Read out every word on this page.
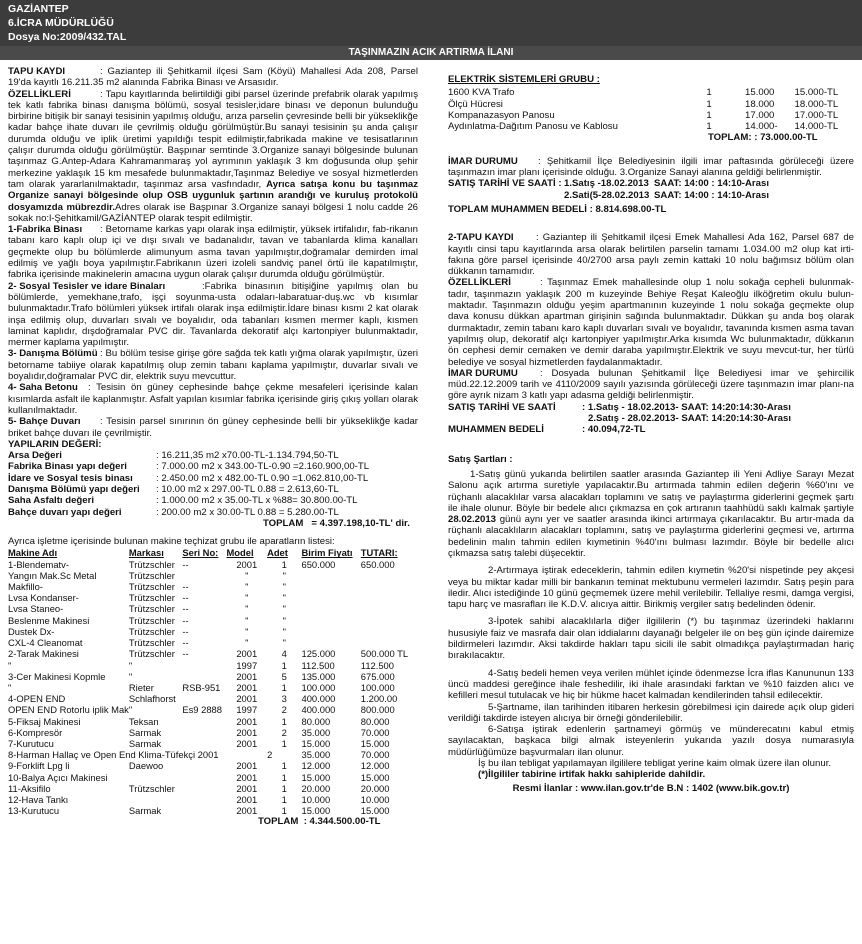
GAZİANTEP
6.İCRA MÜDÜRLÜĞÜ
Dosya No:2009/432.TAL
TAŞINMAZIN ACIK ARTIRMA İLANI

TAPU KAYDI	: Gaziantep ili Şehitkamil ilçesi Sam (Köyü) Mahallesi Ada 208, Parsel 19'da kayıtlı 16.211.35 m2 alanında Fabrika Binası ve Arsasıdır.

ÖZELLİKLERİ	: Tapu kayıtlarında belirtildiği gibi parsel üzerinde prefabrik olarak yapılmış tek katlı fabrika binası danışma bölümü, sosyal tesisler,idare binası ve deponun bulunduğu birbirine bitişik bir sanayi tesisinin yapılmış olduğu, arıza parselin çevresinde belli bir yükseklikğe kadar bahçe ihate duvarı ile çevrilmiş olduğu görülmüştür.Bu sanayi tesisinin şu anda çalışır durumda olduğu ve iplik üretimi yapıldığı tespit edilmiştir,fabrikada makine ve tesisatlarının çalışır durumda olduğu görülmüştür. Başpınar semtinde 3.Organize sanayi bölgesinde bulunan taşınmaz G.Antep-Adara Kahramanmaraş yol ayrımının yaklaşık 3 km doğusunda olup şehir merkezine yaklaşık 15 km mesafede bulunmaktadır,Taşınmaz Belediye ve sosyal hizmetlerden tam olarak yararlanılmaktadır, taşınmaz arsa vasfındadır, Ayrıca satışa konu bu taşınmaz Organize sanayi bölgesinde olup OSB uygunluk şartının arandığı ve kuruluş protokolü dosyamızda mübrezdir.Adres olarak ise Başpınar 3.Organize sanayi bölgesi 1 nolu cadde 26 sokak no:l-Şehitkamil/GAZİANTEP olarak tespit edilmiştir.

1-Fabrika Binası : Betorname karkas yapı olarak inşa edilmiştir, yüksek irtifalıdır, fab-rikanın tabanı karo kaplı olup içi ve dışı sıvalı ve badanalıdır, tavan ve tabanlarda klima kanalları geçmekte olup bu bölümlerde alimunyum asma tavan yapılmıştır,doğramalar demirden imal edilmiş ve yağlı boya yapılmıştır.Fabrikanın üzeri izoleli sandviç panel örtü ile kapatılmıştır, fabrika içerisinde makinelerin amacına uygun olarak çalışır durumda olduğu görülmüştür.

2- Sosyal Tesisler ve idare Binaları	:Fabrika binasının bitişiğine yapılmış olan bu bölümlerde, yemekhane,trafo, işçi soyunma-usta odaları-labaratuar-duş.wc vb kısımlar bulunmaktadır.Trafo bölümleri yüksek irtifalı olarak inşa edilmiştir.İdare binası kısmı 2 kat olarak inşa edilmiş olup, duvarları sıvalı ve boyalıdır, oda tabanları kısmen mermer kaplı, kısmen laminat kaplıdır, dışdoğramalar PVC dir. Tavanlarda dekoratif alçı kartonpiyer bulunmaktadır, mermer kaplama yapılmıştır.

3- Danışma Bölümü : Bu bölüm tesise girişe göre sağda tek katlı yığma olarak yapılmıştır, üzeri betorname tabiiye olarak kapatılmış olup zemin tabanı kaplama yapılmıştır, duvarlar sıvalı ve boyalıdır,doğramalar PVC dir, elektrik suyu mevcuttur.

4- Saha Betonu : Tesisin ön güney cephesinde bahçe çekme mesafeleri içerisinde kalan kısımlarda asfalt ile kaplanmıştır. Asfalt yapılan kısımlar fabrika içerisinde giriş çıkış yolları olarak kullanılmaktadır.

5- Bahçe Duvarı : Tesisin parsel sınırının ön güney cephesinde belli bir yükseklikğe kadar briket bahçe duvarı ile çevrilmiştir.

YAPILARIN DEĞERİ:
Arsa Değeri	: 16.211,35 m2 x70.00-TL-1.134.794,50-TL
Fabrika Binası yapı değeri	: 7.000.00 m2 x 343.00-TL-0.90 =2.160.900,00-TL
İdare ve Sosyal tesis binası	: 2.450.00 m2 x 482.00-TL 0.90 =1.062.810,00-TL
Danışma Bölümü yapı değeri	: 10.00 m2 x 297.00-TL 0.88 = 2.613,60-TL
Saha Asfaltı değeri	: 1.000.00 m2 x 35.00-TL x %88= 30.800.00-TL
Bahçe duvarı yapı değeri	: 200.00 m2 x 30.00-TL 0.88 = 5.280.00-TL
TOPLAM = 4.397.198,10-TL' dir.	
Ayrıca işletme içerisinde bulunan makine teçhizat grubu ile aparatların listesi:
Makine Adı	Markası	Seri No:	Model	Adet	Birim Fiyatı	TUTARI:
1-Blendematv-	Trützschler	--	2001	1	650.000	650.000
Yangın Mak.Sc Metal	Trützschler		"	"		
Makfillo-	Trützschler	--	"	"		
Lvsa Kondanser-	Trützschler	--	"	"		
Lvsa Staneo-	Trützschler	--	"	"		
Beslenme Makinesi	Trützschler	--	"	"		
Dustek Dx-	Trützschler	--	"	"		
CXL-4 Cleanomat	Trützschler	--	"	"		
2-Tarak Makinesi	Trützschler	--	2001	4	125.000	500.000 TL
"	"		1997	1	112.500	112.500
3-Cer Makinesi Kopmle	"		2001	5	135.000	675.000
"	Rieter	RSB-951	2001	1	100.000	100.000
4-OPEN END	Schlafhorst		2001	3	400.000	1.200.00
OPEN END Rotorlu iplik Mak	"	Es9 2888	1997	2	400.000	800.000
5-Fiksaj Makinesi	Teksan		2001	1	80.000	80.000
6-Kompresör	Sarmak		2001	2	35.000	70.000
7-Kurutucu	Sarmak		2001	1	15.000	15.000
8-Harman Hallaç ve Open End Klima-Tüfekçi 2001				2	35.000	70.000
9-Forklift Lpg li	Daewoo		2001	1	12.000	12.000
10-Balya Açıcı Makinesi			2001	1	15.000	15.000
11-Aksifilo	Trützschler		2001	1	20.000	20.000
12-Hava Tankı			2001	1	10.000	10.000
13-Kurutucu	Sarmak		2001	1	15.000	15.000
TOPLAM : 4.344.500.00-TL
ELEKTRİK SİSTEMLERİ GRUBU :
1600 KVA Trafo	1	15.000	15.000-TL
Ölçü Hücresi	1	18.000	18.000-TL
Kompanazasyon Panosu	1	17.000	17.000-TL
Aydınlatma-Dağıtım Panosu ve Kablosu	1	14.000-	14.000-TL
TOPLAM: : 73.000.00-TL

İMAR DURUMU : Şehitkamil İlçe Belediyesinin ilgili imar paftasında görüleceği üzere taşınmazın imar planı içerisinde olduğu. 3.Organize Sanayi alanına geldiği belirlenmiştir.

SATIŞ TARİHİ VE SAATİ :	1.Satış -18.02.2013	SAAT: 14:00 : 14:10-Arası
	2.Sati(5-28.02.2013	SAAT: 14:00 : 14:10-Arası
TOPLAM MUHAMMEN BEDELİ : 8.814.698.00-TL

2-TAPU KAYDI : Gaziantep ili Şehitkamil ilçesi Emek Mahallesi Ada 162, Parsel 687 de kayıtlı cinsi tapu kayıtlarında arsa olarak belirtilen parselin tamamı 1.034.00 m2 olup kat irti-fakına göre parsel içerisinde 40/2700 arsa paylı zemin kattaki 10 nolu bağımsız bölüm olan dükkanın tamamıdır.

ÖZELLİKLERİ	: Taşınmaz Emek mahallesinde olup 1 nolu sokağa cepheli bulunmak-tadır, taşınmazın yaklaşık 200 m kuzeyinde Behiye Reşat Kaleoğlu ilköğretim okulu bulun-maktadır. Taşınmazın olduğu yeşim apartmanının kuzeyinde 1 nolu sokağa geçmekte olup dava konusu dükkan apartman girişinin sağında bulunmaktadır. Dükkan şu anda boş olarak durmaktadır, zemin tabanı karo kaplı duvarları sıvalı ve boyalıdır, tavanında kısmen asma tavan yapılmış olup, dekoratif alçı kartonpiyer yapılmıştır.Arka kısımda Wc bulunmaktadır, dükkanın ön cephesi demir cemaken ve demir daraba yapılmıştır.Elektrik ve suyu mevcut-tur, her türlü belediye ve sosyal hizmetlerden faydalanmaktadır.

İMAR DURUMU : Dosyada bulunan Şehitkamil İlçe Belediyesi imar ve şehircilik müd.22.12.2009 tarih ve 4110/2009 sayılı yazısında görüleceği üzere taşınmazın imar planı-na göre ayrık nizam 3 katlı yapı adasma geldiği belirlenmiştir.

SATIŞ TARİHİ VE SAATİ	: 1.Satış - 18.02.2013- SAAT: 14:20:14:30-Arası
	2.Satış - 28.02.2013- SAAT: 14:20:14:30-Arası
MUHAMMEN BEDELİ	: 40.094,72-TL
Satış Şartları :

1-Satış günü yukarıda belirtilen saatler arasında Gaziantep ili Yeni Adliye Sarayı Mezat Salonu açık artırma suretiyle yapılacaktır.Bu artırmada tahmin edilen değerin %60'ını ve rüçhanlı alacaklılar varsa alacakları toplamını ve satış ve paylaştırma giderlerini geçmek şartı ile ihale olunur. Böyle bir bedele alıcı çıkmazsa en çok artıranın taahhüdü saklı kalmak şartiyle 28.02.2013 günü aynı yer ve saatler arasında ikinci artırmaya çıkarılacaktır. Bu artır-mada da rüçhanlı alacaklıların alacakları toplamını, satış ve paylaştırma giderlerini geçmesi ve, artırma bedelinin malın tahmin edilen kıymetinin %40'ını bulması lazımdır. Böyle bir bedelle alıcı çıkmazsa satış talebi düşecektir.

2-Artırmaya iştirak edeceklerin, tahmin edilen kıymetin %20'si nispetinde pey akçesi veya bu miktar kadar milli bir bankanın teminat mektubunu vermeleri lazımdır. Satış peşin para iledir. Alıcı istediğinde 10 günü geçmemek üzere mehil verilebilir. Tellaliye resmi, damga vergisi, tapu harç ve masrafları ile K.D.V. alıcıya aittir. Birikmiş vergiler satış bedelinden ödenir.

3-İpotek sahibi alacaklılarla diğer ilgililerin (*) bu taşınmaz üzerindeki haklarını hususiyle faiz ve masrafa dair olan iddialarını dayanağı belgeler ile on beş gün içinde dairemize bildirmeleri lazımdır. Aksi takdirde hakları tapu sicili ile sabit olmadıkça paylaştırmadan hariç bırakılacaktır.

4-Satış bedeli hemen veya verilen mühlet içinde ödenmezse İcra iflas Kanununun 133 üncü maddesi gereğince ihale feshedilir, iki ihale arasındaki farktan ve %10 faizden alıcı ve kefilleri mesul tutulacak ve hiç bir hükme hacet kalmadan kendilerinden tahsil edilecektir.

5-Şartname, ilan tarihinden itibaren herkesin görebilmesi için dairede açık olup gideri verildiği takdirde isteyen alıcıya bir örneği gönderilebilir.

6-Satışa iştirak edenlerin şartnameyi görmüş ve münderecatını kabul etmiş sayılacaktan, başkaca bilgi almak isteyenlerin yukarıda yazılı dosya numarasıyla müdürlüğümüze başvurmaları ilan olunur.

İş bu ilan tebligat yapılamayan ilgililere tebligat yerine kaim olmak üzere ilan olunur.

(*)İlgililer tabirine irtifak hakkı sahipleride dahildir.

Resmi İlanlar : www.ilan.gov.tr'de B.N : 1402 (www.bik.gov.tr)
